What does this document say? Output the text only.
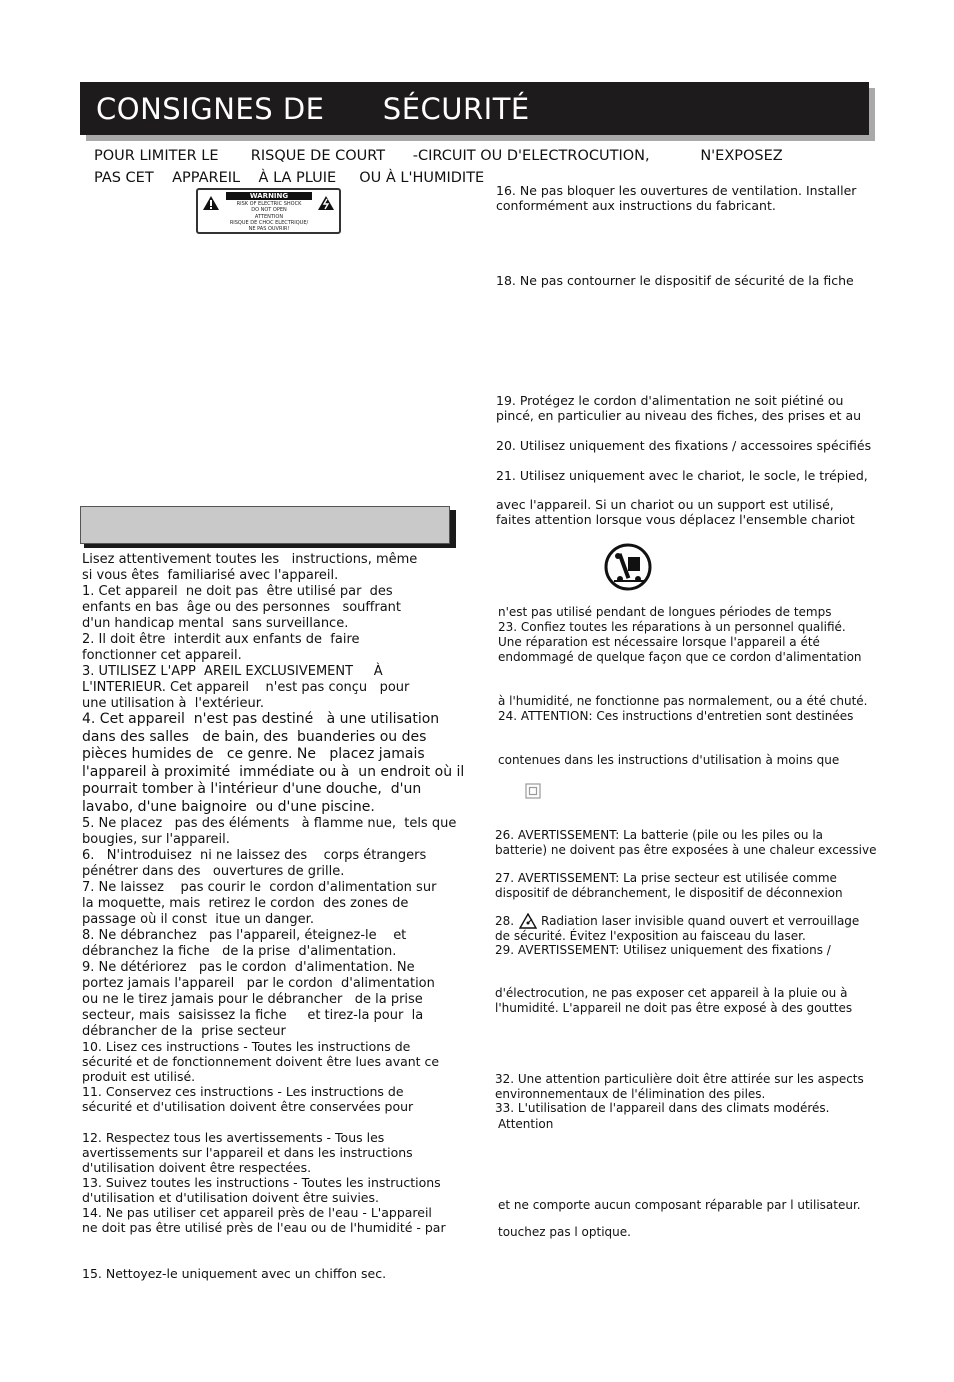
CONSIGNES DE      SÉCURITÉ
POUR LIMITER LE       RISQUE DE COURT      -CIRCUIT OU D'ELECTROCUTION,           N'EXPOSEZ
PAS CET    APPAREIL    À LA PLUIE     OU À L'HUMIDITE
WARNING
RISK OF ELECTRIC SHOCK
DO NOT OPEN
ATTENTION
RISQUE DE CHOC ELECTRIQUE/
NE PAS OUVRIR!
Lisez attentivement toutes les   instructions, même
si vous êtes  familiarisé avec l'appareil.
1. Cet appareil  ne doit pas  être utilisé par  des
enfants en bas  âge ou des personnes   souffrant
d'un handicap mental  sans surveillance.
2. Il doit être  interdit aux enfants de  faire
fonctionner cet appareil.
3. UTILISEZ L'APP  AREIL EXCLUSIVEMENT     À
L'INTERIEUR. Cet appareil    n'est pas conçu   pour
une utilisation à  l'extérieur.
4. Cet appareil  n'est pas destiné   à une utilisation
dans des salles   de bain, des  buanderies ou des
pièces humides de   ce genre. Ne   placez jamais
l'appareil à proximité  immédiate ou à  un endroit où il
pourrait tomber à l'intérieur d'une douche,  d'un
lavabo, d'une baignoire  ou d'une piscine.
5. Ne placez   pas des éléments   à flamme nue,  tels que
bougies, sur l'appareil.
6.   N'introduisez  ni ne laissez des    corps étrangers
pénétrer dans des   ouvertures de grille.
7. Ne laissez    pas courir le  cordon d'alimentation sur
la moquette, mais  retirez le cordon  des zones de
passage où il const  itue un danger.
8. Ne débranchez   pas l'appareil, éteignez-le    et
débranchez la fiche   de la prise  d'alimentation.
9. Ne détériorez   pas le cordon  d'alimentation. Ne
portez jamais l'appareil   par le cordon  d'alimentation
ou ne le tirez jamais pour le débrancher   de la prise
secteur, mais  saisissez la fiche     et tirez-la pour  la
débrancher de la  prise secteur
10. Lisez ces instructions - Toutes les instructions de
sécurité et de fonctionnement doivent être lues avant ce
produit est utilisé.
11. Conservez ces instructions - Les instructions de
sécurité et d'utilisation doivent être conservées pour
12. Respectez tous les avertissements - Tous les
avertissements sur l'appareil et dans les instructions
d'utilisation doivent être respectées.
13. Suivez toutes les instructions - Toutes les instructions
d'utilisation et d'utilisation doivent être suivies.
14. Ne pas utiliser cet appareil près de l'eau - L'appareil
ne doit pas être utilisé près de l'eau ou de l'humidité - par
15. Nettoyez-le uniquement avec un chiffon sec.
16. Ne pas bloquer les ouvertures de ventilation. Installer
conformément aux instructions du fabricant.
18. Ne pas contourner le dispositif de sécurité de la fiche
19. Protégez le cordon d'alimentation ne soit piétiné ou
pincé, en particulier au niveau des fiches, des prises et au
20. Utilisez uniquement des fixations / accessoires spécifiés
21. Utilisez uniquement avec le chariot, le socle, le trépied,
avec l'appareil. Si un chariot ou un support est utilisé,
faites attention lorsque vous déplacez l'ensemble chariot
n'est pas utilisé pendant de longues périodes de temps
23. Confiez toutes les réparations à un personnel qualifié.
Une réparation est nécessaire lorsque l'appareil a été
endommagé de quelque façon que ce cordon d'alimentation
à l'humidité, ne fonctionne pas normalement, ou a été chuté.
24. ATTENTION: Ces instructions d'entretien sont destinées
contenues dans les instructions d'utilisation à moins que
26. AVERTISSEMENT: La batterie (pile ou les piles ou la
batterie) ne doivent pas être exposées à une chaleur excessive
27. AVERTISSEMENT: La prise secteur est utilisée comme
dispositif de débranchement, le dispositif de déconnexion
28. Radiation laser invisible quand ouvert et verrouillage
de sécurité. Évitez l'exposition au faisceau du laser.
29. AVERTISSEMENT: Utilisez uniquement des fixations /
d'électrocution, ne pas exposer cet appareil à la pluie ou à
l'humidité. L'appareil ne doit pas être exposé à des gouttes
32. Une attention particulière doit être attirée sur les aspects
environnementaux de l'élimination des piles.
33. L'utilisation de l'appareil dans des climats modérés.
Attention
et ne comporte aucun composant réparable par l utilisateur.
touchez pas l optique.
